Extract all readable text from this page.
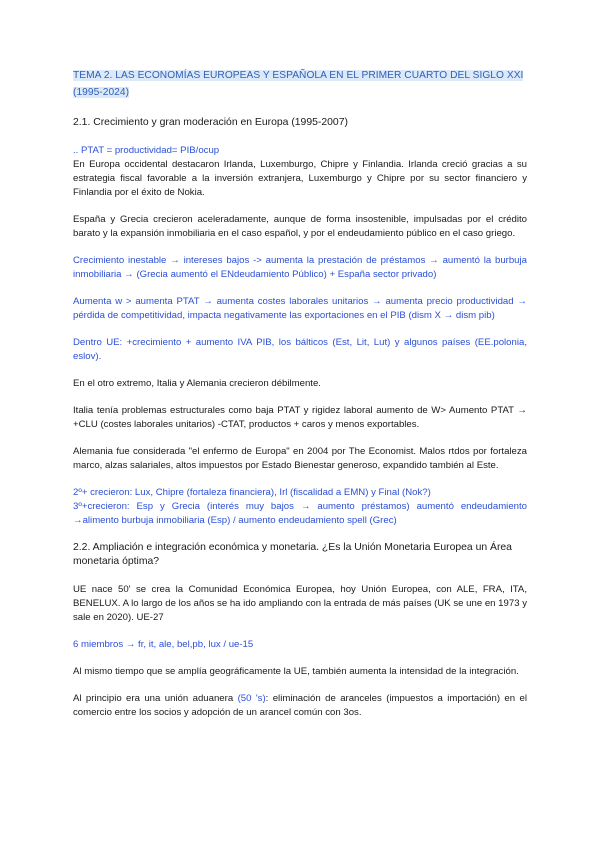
TEMA 2. LAS ECONOMÍAS EUROPEAS Y ESPAÑOLA EN EL PRIMER CUARTO DEL SIGLO XXI
(1995-2024)
2.1. Crecimiento y gran moderación en Europa (1995-2007)
.. PTAT = productividad= PIB/ocup
En Europa occidental destacaron Irlanda, Luxemburgo, Chipre y Finlandia. Irlanda creció gracias a su estrategia fiscal favorable a la inversión extranjera, Luxemburgo y Chipre por su sector financiero y Finlandia por el éxito de Nokia.
España y Grecia crecieron aceleradamente, aunque de forma insostenible, impulsadas por el crédito barato y la expansión inmobiliaria en el caso español, y por el endeudamiento público en el caso griego.
Crecimiento inestable → intereses bajos -> aumenta la prestación de préstamos → aumentó la burbuja inmobiliaria → (Grecia aumentó el ENdeudamiento Público) + España sector privado)
Aumenta w > aumenta PTAT → aumenta costes laborales unitarios → aumenta precio productividad → pérdida de competitividad, impacta negativamente las exportaciones en el PIB (dism X → dism pib)
Dentro UE: +crecimiento + aumento IVA PIB, los bálticos (Est, Lit, Lut) y algunos países (EE.polonia, eslov).
En el otro extremo, Italia y Alemania crecieron débilmente.
Italia tenía problemas estructurales como baja PTAT y rigidez laboral aumento de W> Aumento PTAT → +CLU (costes laborales unitarios) -CTAT, productos + caros y menos exportables.
Alemania fue considerada "el enfermo de Europa" en 2004 por The Economist. Malos rtdos por fortaleza marco, alzas salariales, altos impuestos por Estado Bienestar generoso, expandido también al Este.
2º+ crecieron: Lux, Chipre (fortaleza financiera), Irl (fiscalidad a EMN) y Final (Nok?)
3º+crecieron: Esp y Grecia (interés muy bajos → aumento préstamos) aumentó endeudamiento →alimento burbuja inmobiliaria (Esp) / aumento endeudamiento spell (Grec)
2.2. Ampliación e integración económica y monetaria. ¿Es la Unión Monetaria Europea un Área monetaria óptima?
UE nace 50' se crea la Comunidad Económica Europea, hoy Unión Europea, con ALE, FRA, ITA, BENELUX. A lo largo de los años se ha ido ampliando con la entrada de más países (UK se une en 1973 y sale en 2020). UE-27
6 miembros → fr, it, ale, bel,pb, lux / ue-15
Al mismo tiempo que se amplía geográficamente la UE, también aumenta la intensidad de la integración.
Al principio era una unión aduanera (50 's): eliminación de aranceles (impuestos a importación) en el comercio entre los socios y adopción de un arancel común con 3os.
